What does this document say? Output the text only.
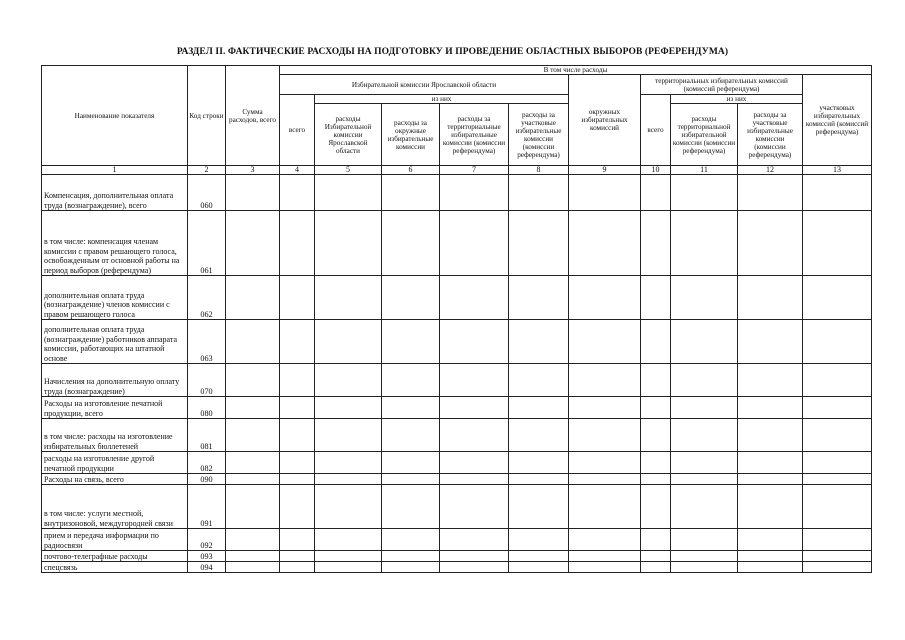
РАЗДЕЛ II. ФАКТИЧЕСКИЕ РАСХОДЫ НА ПОДГОТОВКУ И ПРОВЕДЕНИЕ ОБЛАСТНЫХ ВЫБОРОВ (РЕФЕРЕНДУМА)
Наименование показателя	Код строки	Сумма расходов, всего	В том числе расходы									
			Избирательной комиссии Ярославской области					окружных избирательных комиссий	территориальных избирательных комиссий (комиссий референдума)			участковых избирательных комиссий (комиссий референдума)
			всего	из них					всего	из них		
				расходы Избирательной комиссии Ярославской области	расходы за окружные избирательные комиссии	расходы за территориальные избирательные комиссии (комиссии референдума)	расходы за участковые избирательные комиссии (комиссии референдума)			расходы территориальной избирательной комиссии (комиссии референдума)	расходы за участковые избирательные комиссии (комиссии референдума)	
1	2	3	4	5	6	7	8	9	10	11	12	13
Компенсация, дополнительная оплата труда (вознаграждение), всего	060											
в том числе: компенсация членам комиссии с правом решающего голоса, освобожденным от основной работы на период выборов (референдума)	061											
дополнительная оплата труда (вознаграждение) членов комиссии с правом решающего голоса	062											
дополнительная оплата труда (вознаграждение) работников аппарата комиссии, работающих на штатной основе	063											
Начисления на дополнительную оплату труда (вознаграждение)	070											
Расходы на изготовление печатной продукции, всего	080											
в том числе: расходы на изготовление избирательных бюллетеней	081											
расходы на изготовление другой печатной продукции	082											
Расходы на связь, всего	090											
в том числе: услуги местной, внутризоновой, междугородней связи	091											
прием и передача информации по радиосвязи	092											
почтово-телеграфные расходы	093											
спецсвязь	094											
